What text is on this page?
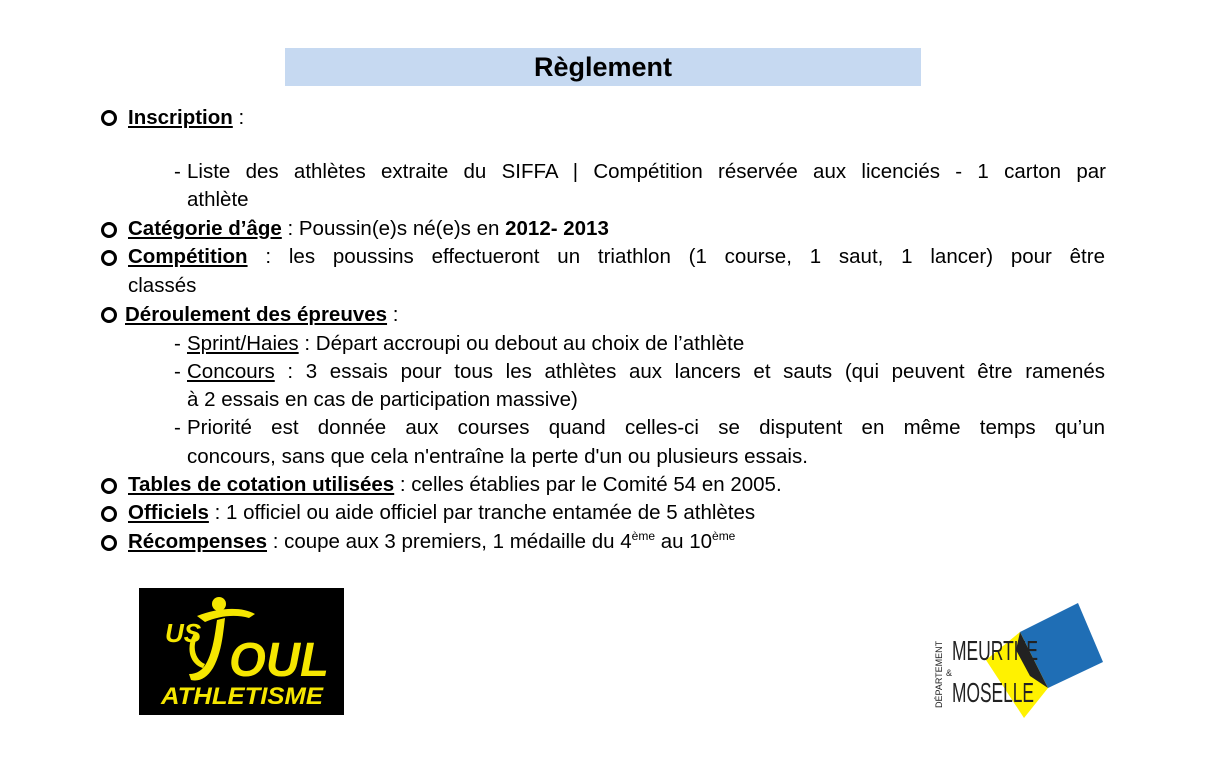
Règlement
Inscription :
- Liste des athlètes extraite du SIFFA | Compétition réservée aux licenciés - 1 carton par
athlète
Catégorie d’âge : Poussin(e)s né(e)s en 2012- 2013
Compétition : les poussins effectueront un triathlon (1 course, 1 saut, 1 lancer) pour être
classés
Déroulement des épreuves :
- Sprint/Haies : Départ accroupi ou debout au choix de l’athlète
- Concours : 3 essais pour tous les athlètes aux lancers et sauts (qui peuvent être ramenés
à 2 essais en cas de participation massive)
- Priorité est donnée aux courses quand celles-ci se disputent en même temps qu’un
concours, sans que cela n'entraîne la perte d'un ou plusieurs essais.
Tables de cotation utilisées : celles établies par le Comité 54 en 2005.
Officiels : 1 officiel ou aide officiel par tranche entamée de 5 athlètes
Récompenses : coupe aux 3 premiers, 1 médaille du 4ème au 10ème
US
OUL
ATHLETISME	DÉPARTEMENT MEURTHE
&
MOSELLE
